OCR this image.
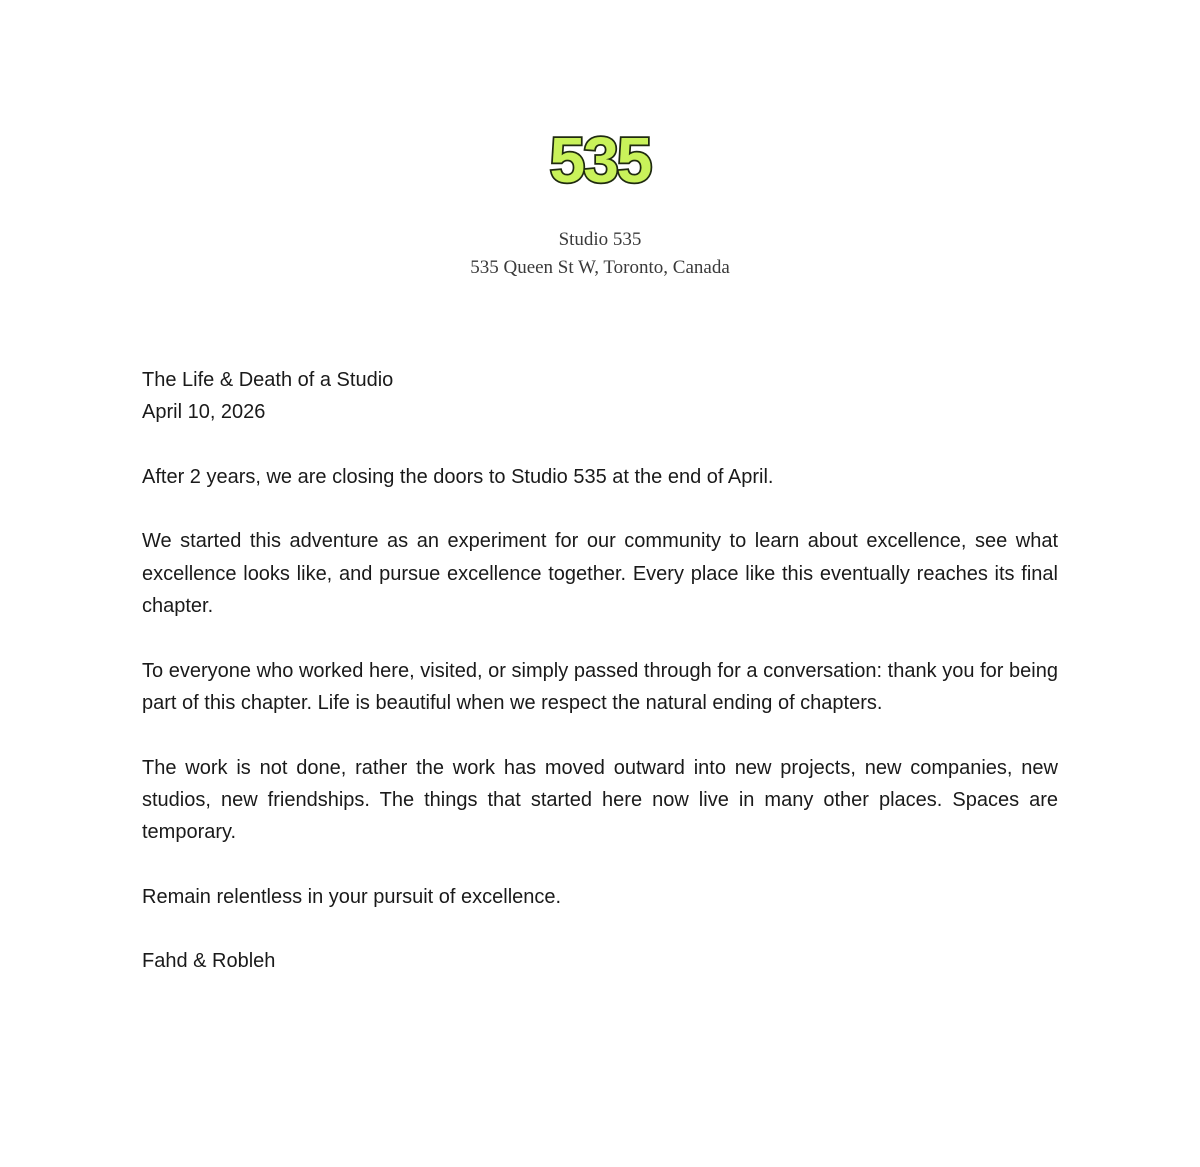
535
Studio 535
535 Queen St W, Toronto, Canada
The Life & Death of a Studio
April 10, 2026

After 2 years, we are closing the doors to Studio 535 at the end of April.

We started this adventure as an experiment for our community to learn about excellence, see what excellence looks like, and pursue excellence together. Every place like this eventually reaches its final chapter.

To everyone who worked here, visited, or simply passed through for a conversation: thank you for being part of this chapter. Life is beautiful when we respect the natural ending of chapters.

The work is not done, rather the work has moved outward into new projects, new companies, new studios, new friendships. The things that started here now live in many other places. Spaces are temporary.

Remain relentless in your pursuit of excellence.

Fahd & Robleh
